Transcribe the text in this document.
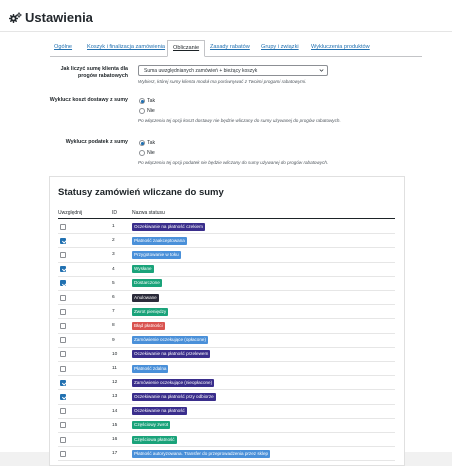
Ustawienia
Ogólne	Koszyk i finalizacja zamówienia	Obliczanie	Zasady rabatów Grupy i związki Wykluczenia produktów
Jak liczyć sumę klienta dla
progów rabatowych
Suma uwzględnianych zamówień + bieżący koszyk
Wybierz, której sumy klienta moduł ma porównywać z Twoimi progami rabatowymi.
Wyklucz koszt dostawy z sumy	Tak
Nie
Po włączeniu tej opcji koszt dostawy nie będzie wliczany do sumy używanej do progów rabatowych.
Wyklucz podatek z sumy	Tak
Nie
Po włączeniu tej opcji podatek nie będzie wliczany do sumy używanej do progów rabatowych.
Statusy zamówień wliczane do sumy
Uwzględnij	ID	Nazwa statusu
1	Oczekiwanie na płatność czekiem
2	Płatność zaakceptowana
3	Przygotowanie w toku
4	Wysłane
5	Dostarczone
6	Anulowane
7	Zwrot pieniędzy
8	Błąd płatności
9	Zamówienie oczekujące (opłacone)
10	Oczekiwanie na płatność przelewem
11	Płatność zdalna
12	Zamówienie oczekujące (nieopłacone)
13	Oczekiwanie na płatność przy odbiorze
14	Oczekiwanie na płatność
15	Częściowy zwrot
16	Częściowa płatność
17	Płatność autoryzowana. Transfer do przeprowadzenia przez sklep
